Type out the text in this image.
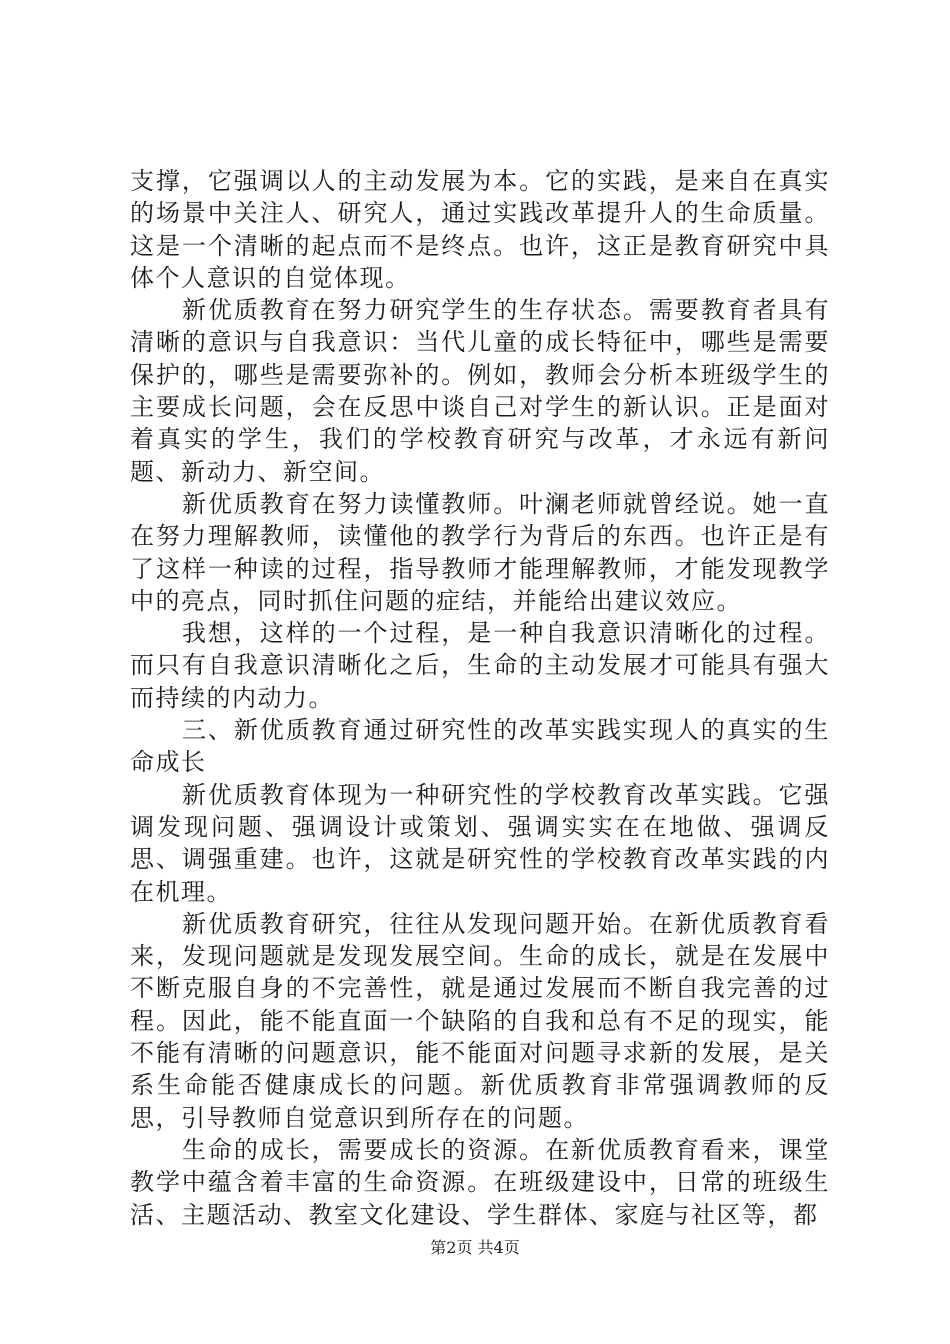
支撑，它强调以人的主动发展为本。它的实践，是来自在真实的场景中关注人、研究人，通过实践改革提升人的生命质量。这是一个清晰的起点而不是终点。也许，这正是教育研究中具体个人意识的自觉体现。

新优质教育在努力研究学生的生存状态。需要教育者具有清晰的意识与自我意识：当代儿童的成长特征中，哪些是需要保护的，哪些是需要弥补的。例如，教师会分析本班级学生的主要成长问题，会在反思中谈自己对学生的新认识。正是面对着真实的学生，我们的学校教育研究与改革，才永远有新问题、新动力、新空间。

新优质教育在努力读懂教师。叶澜老师就曾经说。她一直在努力理解教师，读懂他的教学行为背后的东西。也许正是有了这样一种读的过程，指导教师才能理解教师，才能发现教学中的亮点，同时抓住问题的症结，并能给出建议效应。

我想，这样的一个过程，是一种自我意识清晰化的过程。而只有自我意识清晰化之后，生命的主动发展才可能具有强大而持续的内动力。

三、新优质教育通过研究性的改革实践实现人的真实的生命成长

新优质教育体现为一种研究性的学校教育改革实践。它强调发现问题、强调设计或策划、强调实实在在地做、强调反思、调强重建。也许，这就是研究性的学校教育改革实践的内在机理。

新优质教育研究，往往从发现问题开始。在新优质教育看来，发现问题就是发现发展空间。生命的成长，就是在发展中不断克服自身的不完善性，就是通过发展而不断自我完善的过程。因此，能不能直面一个缺陷的自我和总有不足的现实，能不能有清晰的问题意识，能不能面对问题寻求新的发展，是关系生命能否健康成长的问题。新优质教育非常强调教师的反思，引导教师自觉意识到所存在的问题。

生命的成长，需要成长的资源。在新优质教育看来，课堂教学中蕴含着丰富的生命资源。在班级建设中，日常的班级生活、主题活动、教室文化建设、学生群体、家庭与社区等，都

第2页 共4页
